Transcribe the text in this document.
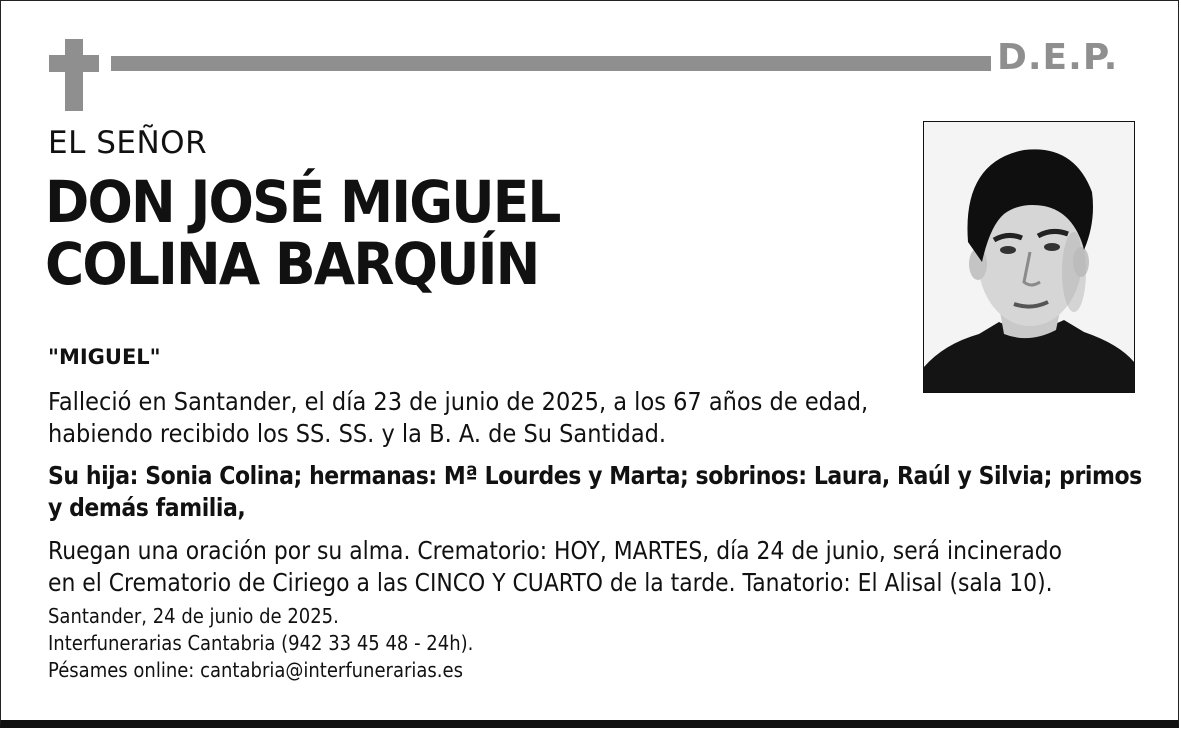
D.E.P.
EL SEÑOR
DON JOSÉ MIGUEL
COLINA BARQUÍN
"MIGUEL"
Falleció en Santander, el día 23 de junio de 2025, a los 67 años de edad,
habiendo recibido los SS. SS. y la B. A. de Su Santidad.
Su hija: Sonia Colina; hermanas: Mª Lourdes y Marta; sobrinos: Laura, Raúl y Silvia; primos
y demás familia,
Ruegan una oración por su alma. Crematorio: HOY, MARTES, día 24 de junio, será incinerado
en el Crematorio de Ciriego a las CINCO Y CUARTO de la tarde. Tanatorio: El Alisal (sala 10).
Santander, 24 de junio de 2025.
Interfunerarias Cantabria (942 33 45 48 - 24h).
Pésames online: cantabria@interfunerarias.es
